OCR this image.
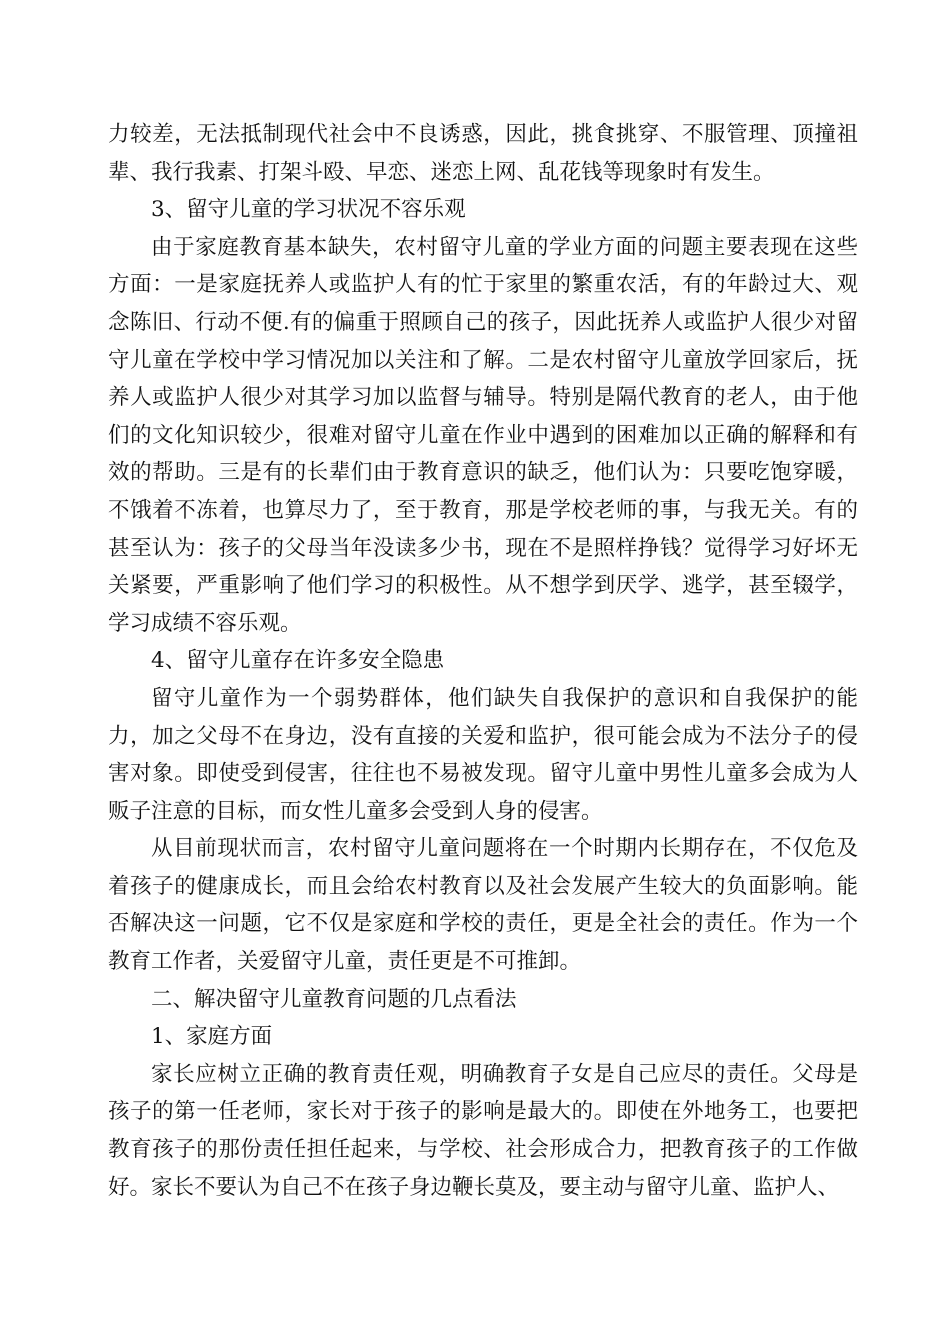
力较差，无法抵制现代社会中不良诱惑，因此，挑食挑穿、不服管理、顶撞祖辈、我行我素、打架斗殴、早恋、迷恋上网、乱花钱等现象时有发生。

3、留守儿童的学习状况不容乐观

由于家庭教育基本缺失，农村留守儿童的学业方面的问题主要表现在这些方面：一是家庭抚养人或监护人有的忙于家里的繁重农活，有的年龄过大、观念陈旧、行动不便.有的偏重于照顾自己的孩子，因此抚养人或监护人很少对留守儿童在学校中学习情况加以关注和了解。二是农村留守儿童放学回家后，抚养人或监护人很少对其学习加以监督与辅导。特别是隔代教育的老人，由于他们的文化知识较少，很难对留守儿童在作业中遇到的困难加以正确的解释和有效的帮助。三是有的长辈们由于教育意识的缺乏，他们认为：只要吃饱穿暖，不饿着不冻着，也算尽力了，至于教育，那是学校老师的事，与我无关。有的甚至认为：孩子的父母当年没读多少书，现在不是照样挣钱？觉得学习好坏无关紧要，严重影响了他们学习的积极性。从不想学到厌学、逃学，甚至辍学，学习成绩不容乐观。

4、留守儿童存在许多安全隐患

留守儿童作为一个弱势群体，他们缺失自我保护的意识和自我保护的能力，加之父母不在身边，没有直接的关爱和监护，很可能会成为不法分子的侵害对象。即使受到侵害，往往也不易被发现。留守儿童中男性儿童多会成为人贩子注意的目标，而女性儿童多会受到人身的侵害。

从目前现状而言，农村留守儿童问题将在一个时期内长期存在，不仅危及着孩子的健康成长，而且会给农村教育以及社会发展产生较大的负面影响。能否解决这一问题，它不仅是家庭和学校的责任，更是全社会的责任。作为一个教育工作者，关爱留守儿童，责任更是不可推卸。

二、解决留守儿童教育问题的几点看法

1、家庭方面

家长应树立正确的教育责任观，明确教育子女是自己应尽的责任。父母是孩子的第一任老师，家长对于孩子的影响是最大的。即使在外地务工，也要把教育孩子的那份责任担任起来，与学校、社会形成合力，把教育孩子的工作做好。家长不要认为自己不在孩子身边鞭长莫及，要主动与留守儿童、监护人、
